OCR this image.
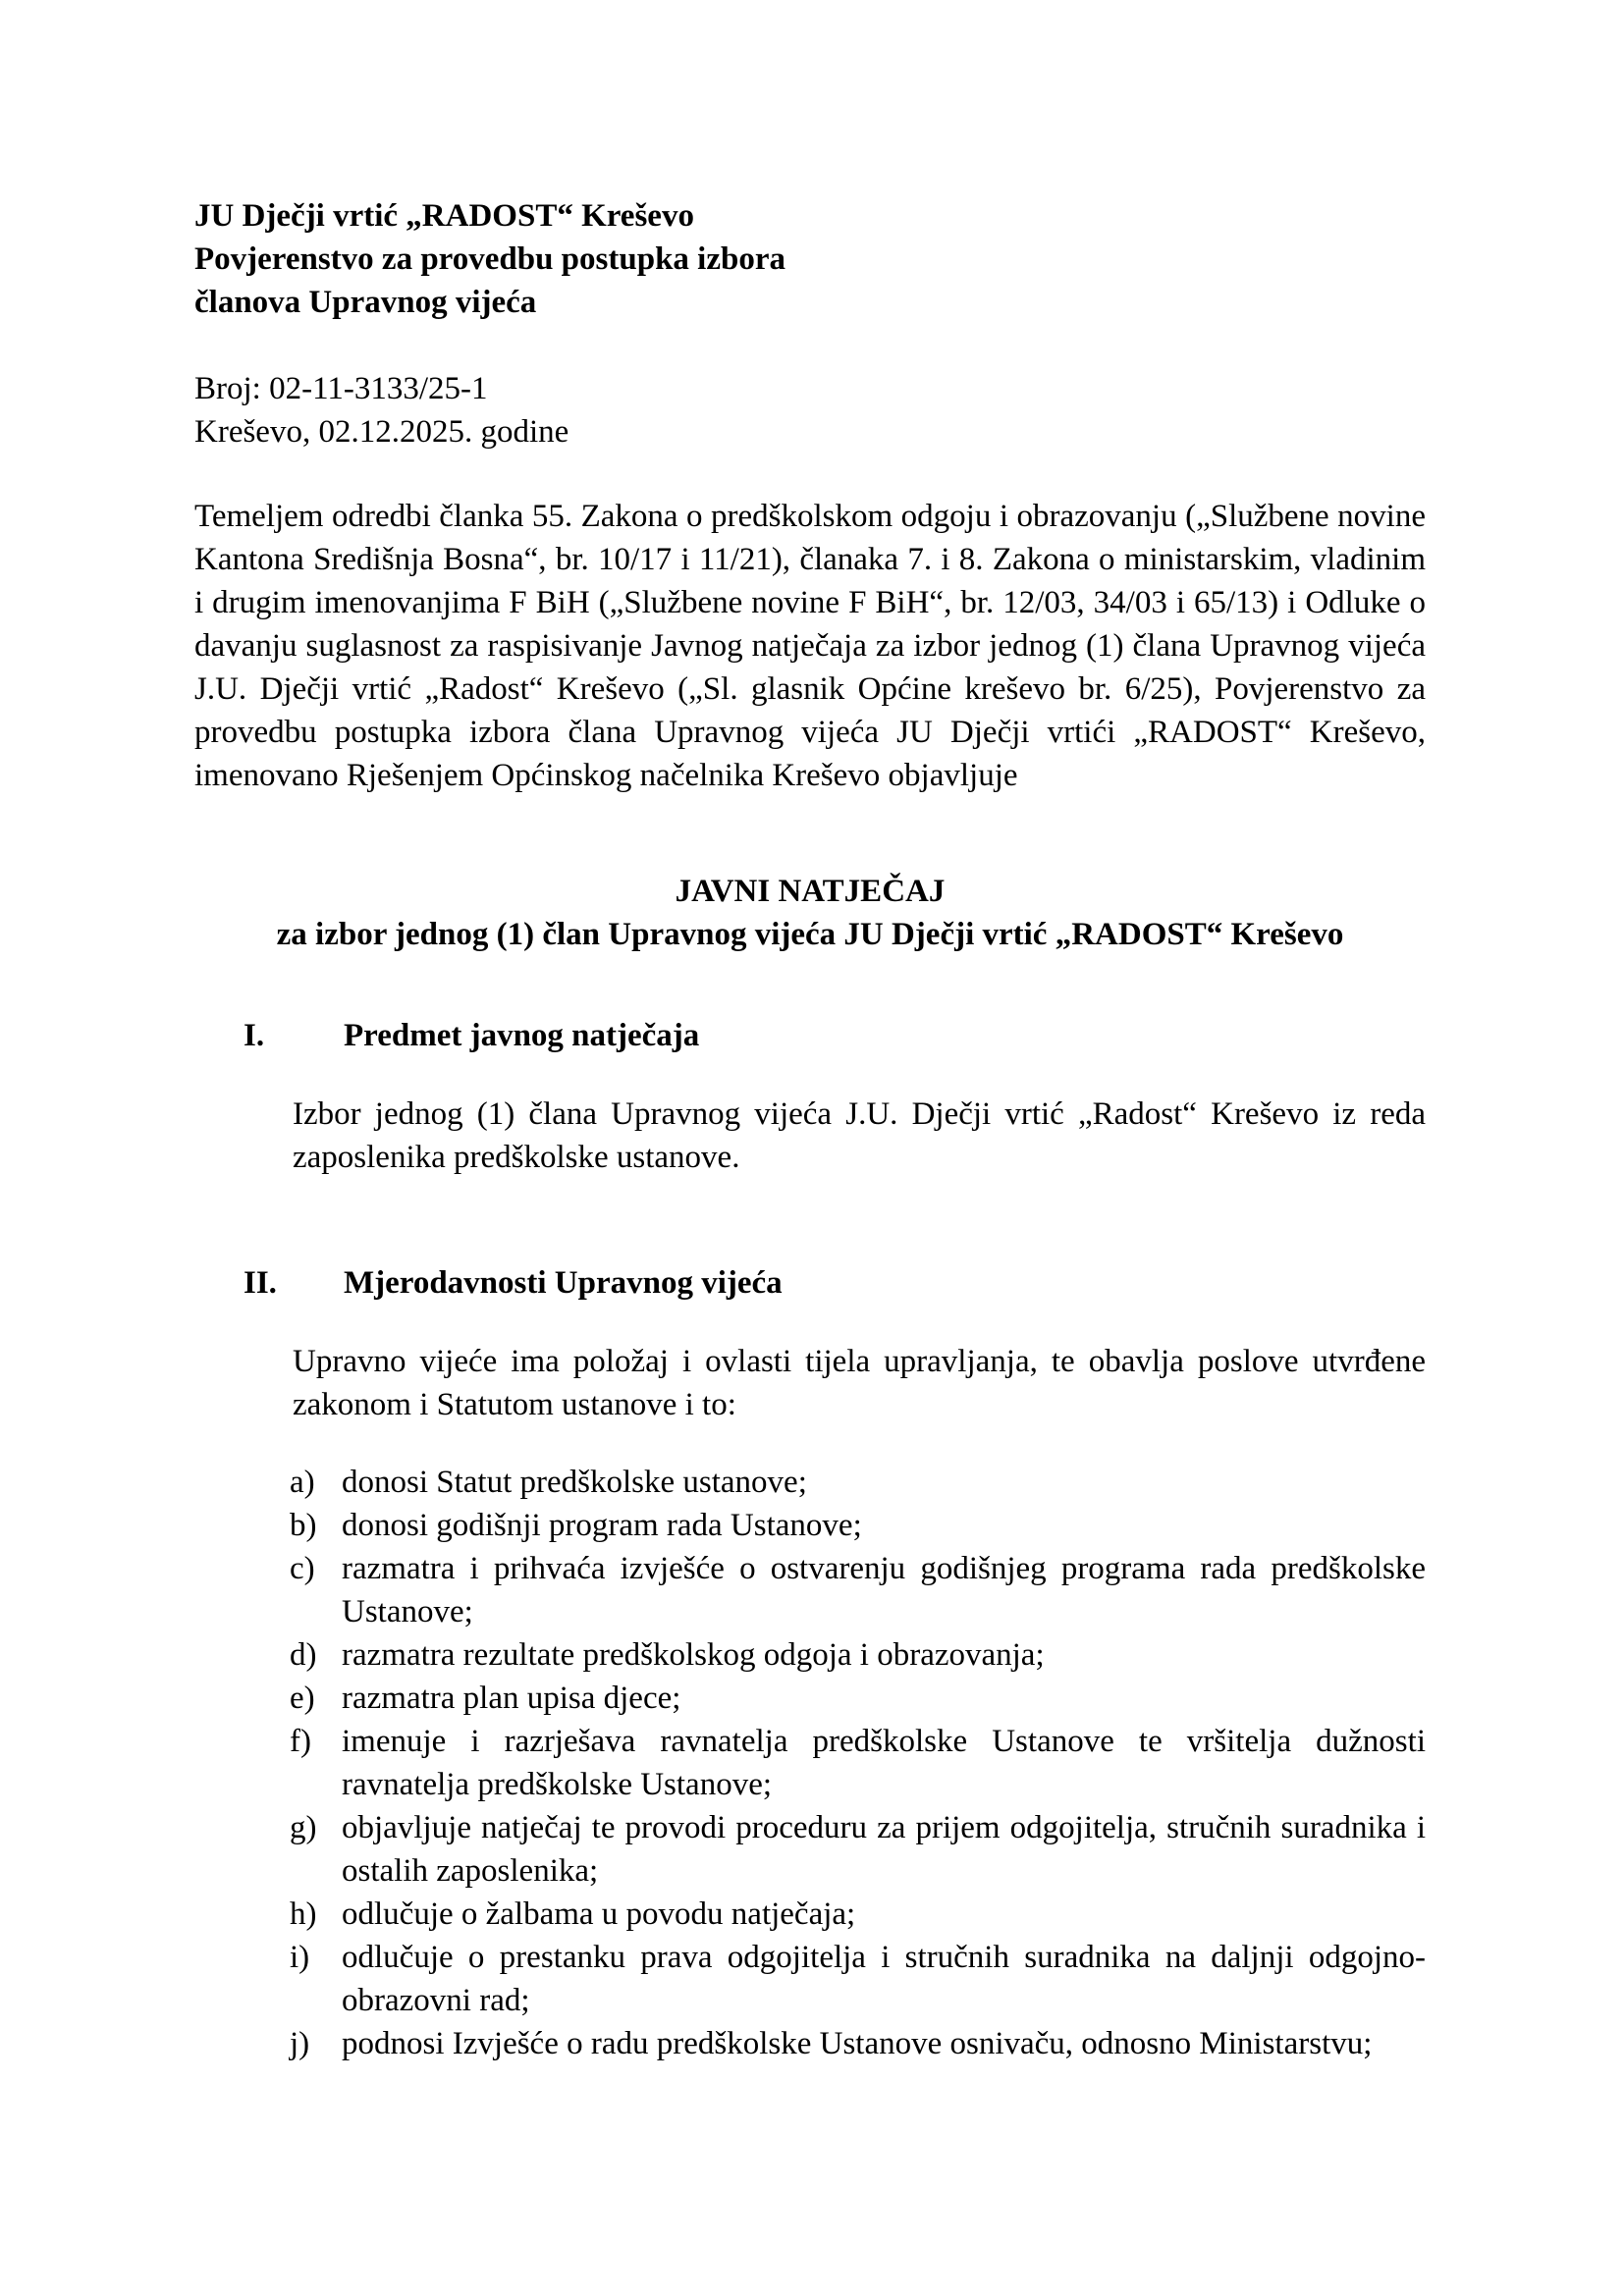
JU Dječji vrtić „RADOST“ Kreševo
Povjerenstvo za provedbu postupka izbora
članova Upravnog vijeća
Broj: 02-11-3133/25-1
Kreševo, 02.12.2025. godine

Temeljem odredbi članka 55. Zakona o predškolskom odgoju i obrazovanju („Službene novine Kantona Središnja Bosna“, br. 10/17 i 11/21), članaka 7. i 8. Zakona o ministarskim, vladinim i drugim imenovanjima F BiH („Službene novine F BiH“, br. 12/03, 34/03 i 65/13) i Odluke o davanju suglasnost za raspisivanje Javnog natječaja za izbor jednog (1) člana Upravnog vijeća J.U. Dječji vrtić „Radost“ Kreševo („Sl. glasnik Općine kreševo br. 6/25), Povjerenstvo za provedbu postupka izbora člana Upravnog vijeća JU Dječji vrtići „RADOST“ Kreševo, imenovano Rješenjem Općinskog načelnika Kreševo objavljuje

JAVNI NATJEČAJ
za izbor jednog (1) član Upravnog vijeća JU Dječji vrtić „RADOST“ Kreševo
I. Predmet javnog natječaja

Izbor jednog (1) člana Upravnog vijeća J.U. Dječji vrtić „Radost“ Kreševo iz reda zaposlenika predškolske ustanove.

II. Mjerodavnosti Upravnog vijeća

Upravno vijeće ima položaj i ovlasti tijela upravljanja, te obavlja poslove utvrđene zakonom i Statutom ustanove i to:

a) donosi Statut predškolske ustanove;
b) donosi godišnji program rada Ustanove;
c) razmatra i prihvaća izvješće o ostvarenju godišnjeg programa rada predškolske Ustanove;
d) razmatra rezultate predškolskog odgoja i obrazovanja;
e) razmatra plan upisa djece;
f) imenuje i razrješava ravnatelja predškolske Ustanove te vršitelja dužnosti ravnatelja predškolske Ustanove;
g) objavljuje natječaj te provodi proceduru za prijem odgojitelja, stručnih suradnika i ostalih zaposlenika;
h) odlučuje o žalbama u povodu natječaja;
i) odlučuje o prestanku prava odgojitelja i stručnih suradnika na daljnji odgojno-obrazovni rad;
j) podnosi Izvješće o radu predškolske Ustanove osnivaču, odnosno Ministarstvu;
